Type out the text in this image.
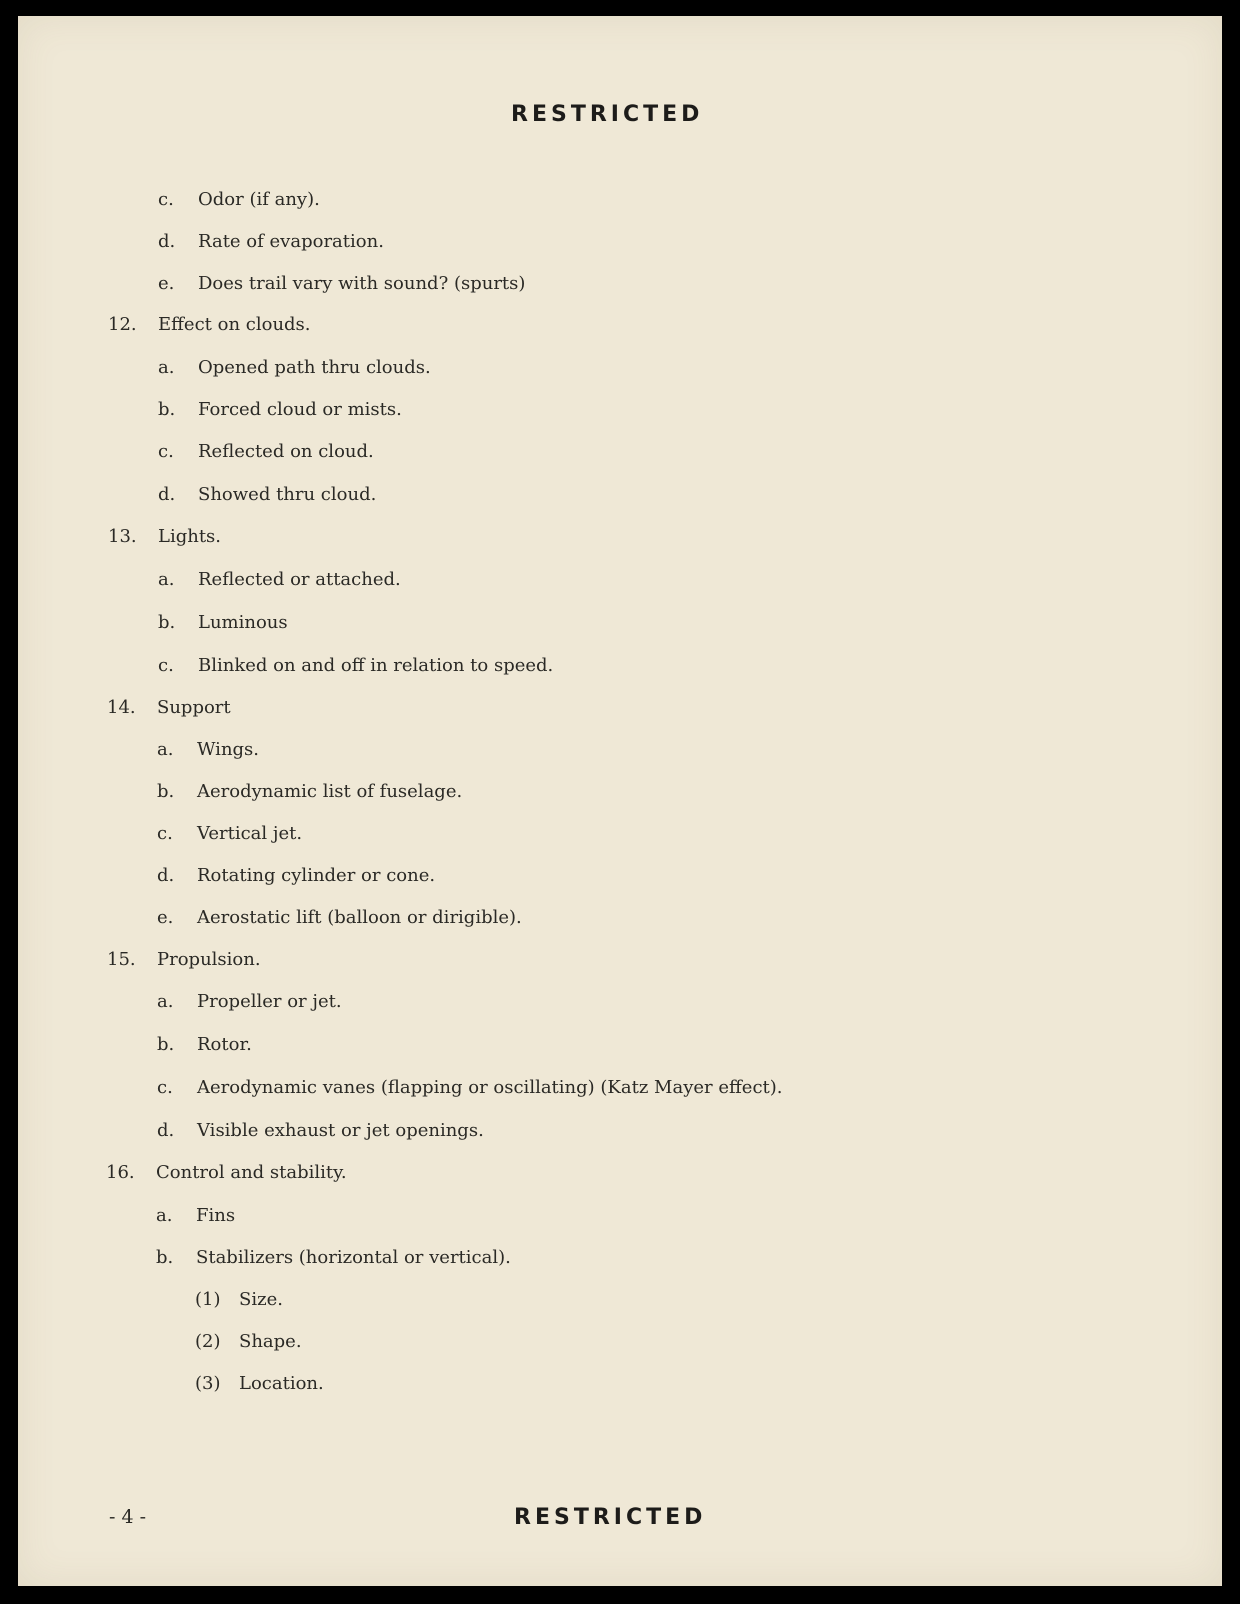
RESTRICTED
c. Odor (if any).
d. Rate of evaporation.
e. Does trail vary with sound? (spurts)
12. Effect on clouds.
a. Opened path thru clouds.
b. Forced cloud or mists.
c. Reflected on cloud.
d. Showed thru cloud.
13. Lights.
a. Reflected or attached.
b. Luminous
c. Blinked on and off in relation to speed.
14. Support
a. Wings.
b. Aerodynamic list of fuselage.
c. Vertical jet.
d. Rotating cylinder or cone.
e. Aerostatic lift (balloon or dirigible).
15. Propulsion.
a. Propeller or jet.
b. Rotor.
c. Aerodynamic vanes (flapping or oscillating) (Katz Mayer effect).
d. Visible exhaust or jet openings.
16. Control and stability.
a. Fins
b. Stabilizers (horizontal or vertical).
(1) Size.
(2) Shape.
(3) Location.
- 4 -	RESTRICTED
